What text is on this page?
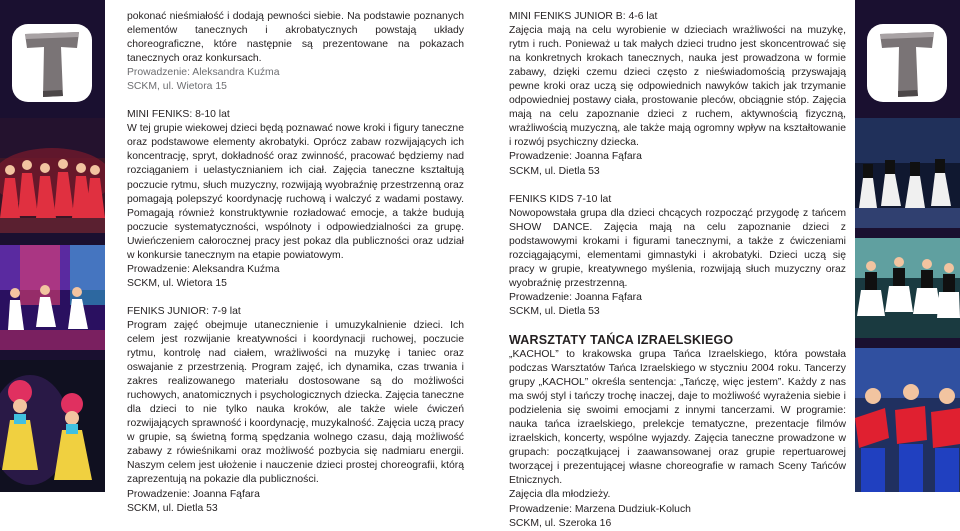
pokonać nieśmiałość i dodają pewności siebie. Na podstawie poznanych elementów tanecznych i akrobatycznych powstają układy choreograficzne, które następnie są prezentowane na pokazach tanecznych oraz konkursach.

Prowadzenie: Aleksandra Kuźma

SCKM, ul. Wietora 15

MINI FENIKS: 8-10 lat

W tej grupie wiekowej dzieci będą poznawać nowe kroki i figury taneczne oraz podstawowe elementy akrobatyki. Oprócz zabaw rozwijających ich koncentrację, spryt, dokładność oraz zwinność, pracować będziemy nad rozciąganiem i uelastycznianiem ich ciał. Zajęcia taneczne kształtują poczucie rytmu, słuch muzyczny, rozwijają wyobraźnię przestrzenną oraz pomagają polepszyć koordynację ruchową i walczyć z wadami postawy. Pomagają również konstruktywnie rozładować emocje, a także budują poczucie systematyczności, wspólnoty i odpowiedzialności za grupę. Uwieńczeniem całorocznej pracy jest pokaz dla publiczności oraz udział w konkursie tanecznym na etapie powiatowym.

Prowadzenie: Aleksandra Kuźma

SCKM, ul. Wietora 15

FENIKS JUNIOR: 7-9 lat

Program zajęć obejmuje utanecznienie i umuzykalnienie dzieci. Ich celem jest rozwijanie kreatywności i koordynacji ruchowej, poczucie rytmu, kontrolę nad ciałem, wrażliwości na muzykę i taniec oraz oswajanie z przestrzenią. Program zajęć, ich dynamika, czas trwania i zakres realizowanego materiału dostosowane są do możliwości ruchowych, anatomicznych i psychologicznych dziecka. Zajęcia taneczne dla dzieci to nie tylko nauka kroków, ale także wiele ćwiczeń rozwijających sprawność i koordynację, muzykalność. Zajęcia uczą pracy w grupie, są świetną formą spędzania wolnego czasu, dają możliwość zabawy z rówieśnikami oraz możliwość pozbycia się nadmiaru energii. Naszym celem jest ułożenie i nauczenie dzieci prostej choreografii, którą zaprezentują na pokazie dla publiczności.

Prowadzenie: Joanna Fąfara

SCKM, ul. Dietla 53

MINI FENIKS JUNIOR B: 4-6 lat

Zajęcia mają na celu wyrobienie w dzieciach wrażliwości na muzykę, rytm i ruch. Ponieważ u tak małych dzieci trudno jest skoncentrować się na konkretnych krokach tanecznych, nauka jest prowadzona w formie zabawy, dzięki czemu dzieci często z nieświadomością przyswajają pewne kroki oraz uczą się odpowiednich nawyków takich jak trzymanie odpowiedniej postawy ciała, prostowanie pleców, obciągnie stóp. Zajęcia mają na celu zapoznanie dzieci z ruchem, aktywnością fizyczną, wrażliwością muzyczną, ale także mają ogromny wpływ na kształtowanie i rozwój psychiczny dziecka.

Prowadzenie: Joanna Fąfara

SCKM, ul. Dietla 53

FENIKS KIDS 7-10 lat

Nowopowstała grupa dla dzieci chcących rozpocząć przygodę z tańcem SHOW DANCE. Zajęcia mają na celu zapoznanie dzieci z podstawowymi krokami i figurami tanecznymi, a także z ćwiczeniami rozciągającymi, elementami gimnastyki i akrobatyki. Dzieci uczą się pracy w grupie, kreatywnego myślenia, rozwijają słuch muzyczny oraz wyobraźnię przestrzenną.

Prowadzenie: Joanna Fąfara

SCKM, ul. Dietla 53

WARSZTATY TAŃCA IZRAELSKIEGO

„KACHOL” to krakowska grupa Tańca Izraelskiego, która powstała podczas Warsztatów Tańca Izraelskiego w styczniu 2004 roku. Tancerzy grupy „KACHOL” określa sentencja: „Tańczę, więc jestem”. Każdy z nas ma swój styl i tańczy trochę inaczej, daje to możliwość wyrażenia siebie i podzielenia się swoimi emocjami z innymi tancerzami. W programie: nauka tańca izraelskiego, prelekcje tematyczne, prezentacje filmów izraelskich, koncerty, wspólne wyjazdy. Zajęcia taneczne prowadzone w grupach: początkującej i zaawansowanej oraz grupie repertuarowej tworzącej i prezentującej własne choreografie w ramach Sceny Tańców Etnicznych.

Zajęcia dla młodzieży.

Prowadzenie: Marzena Dudziuk-Koluch

SCKM, ul. Szeroka 16
